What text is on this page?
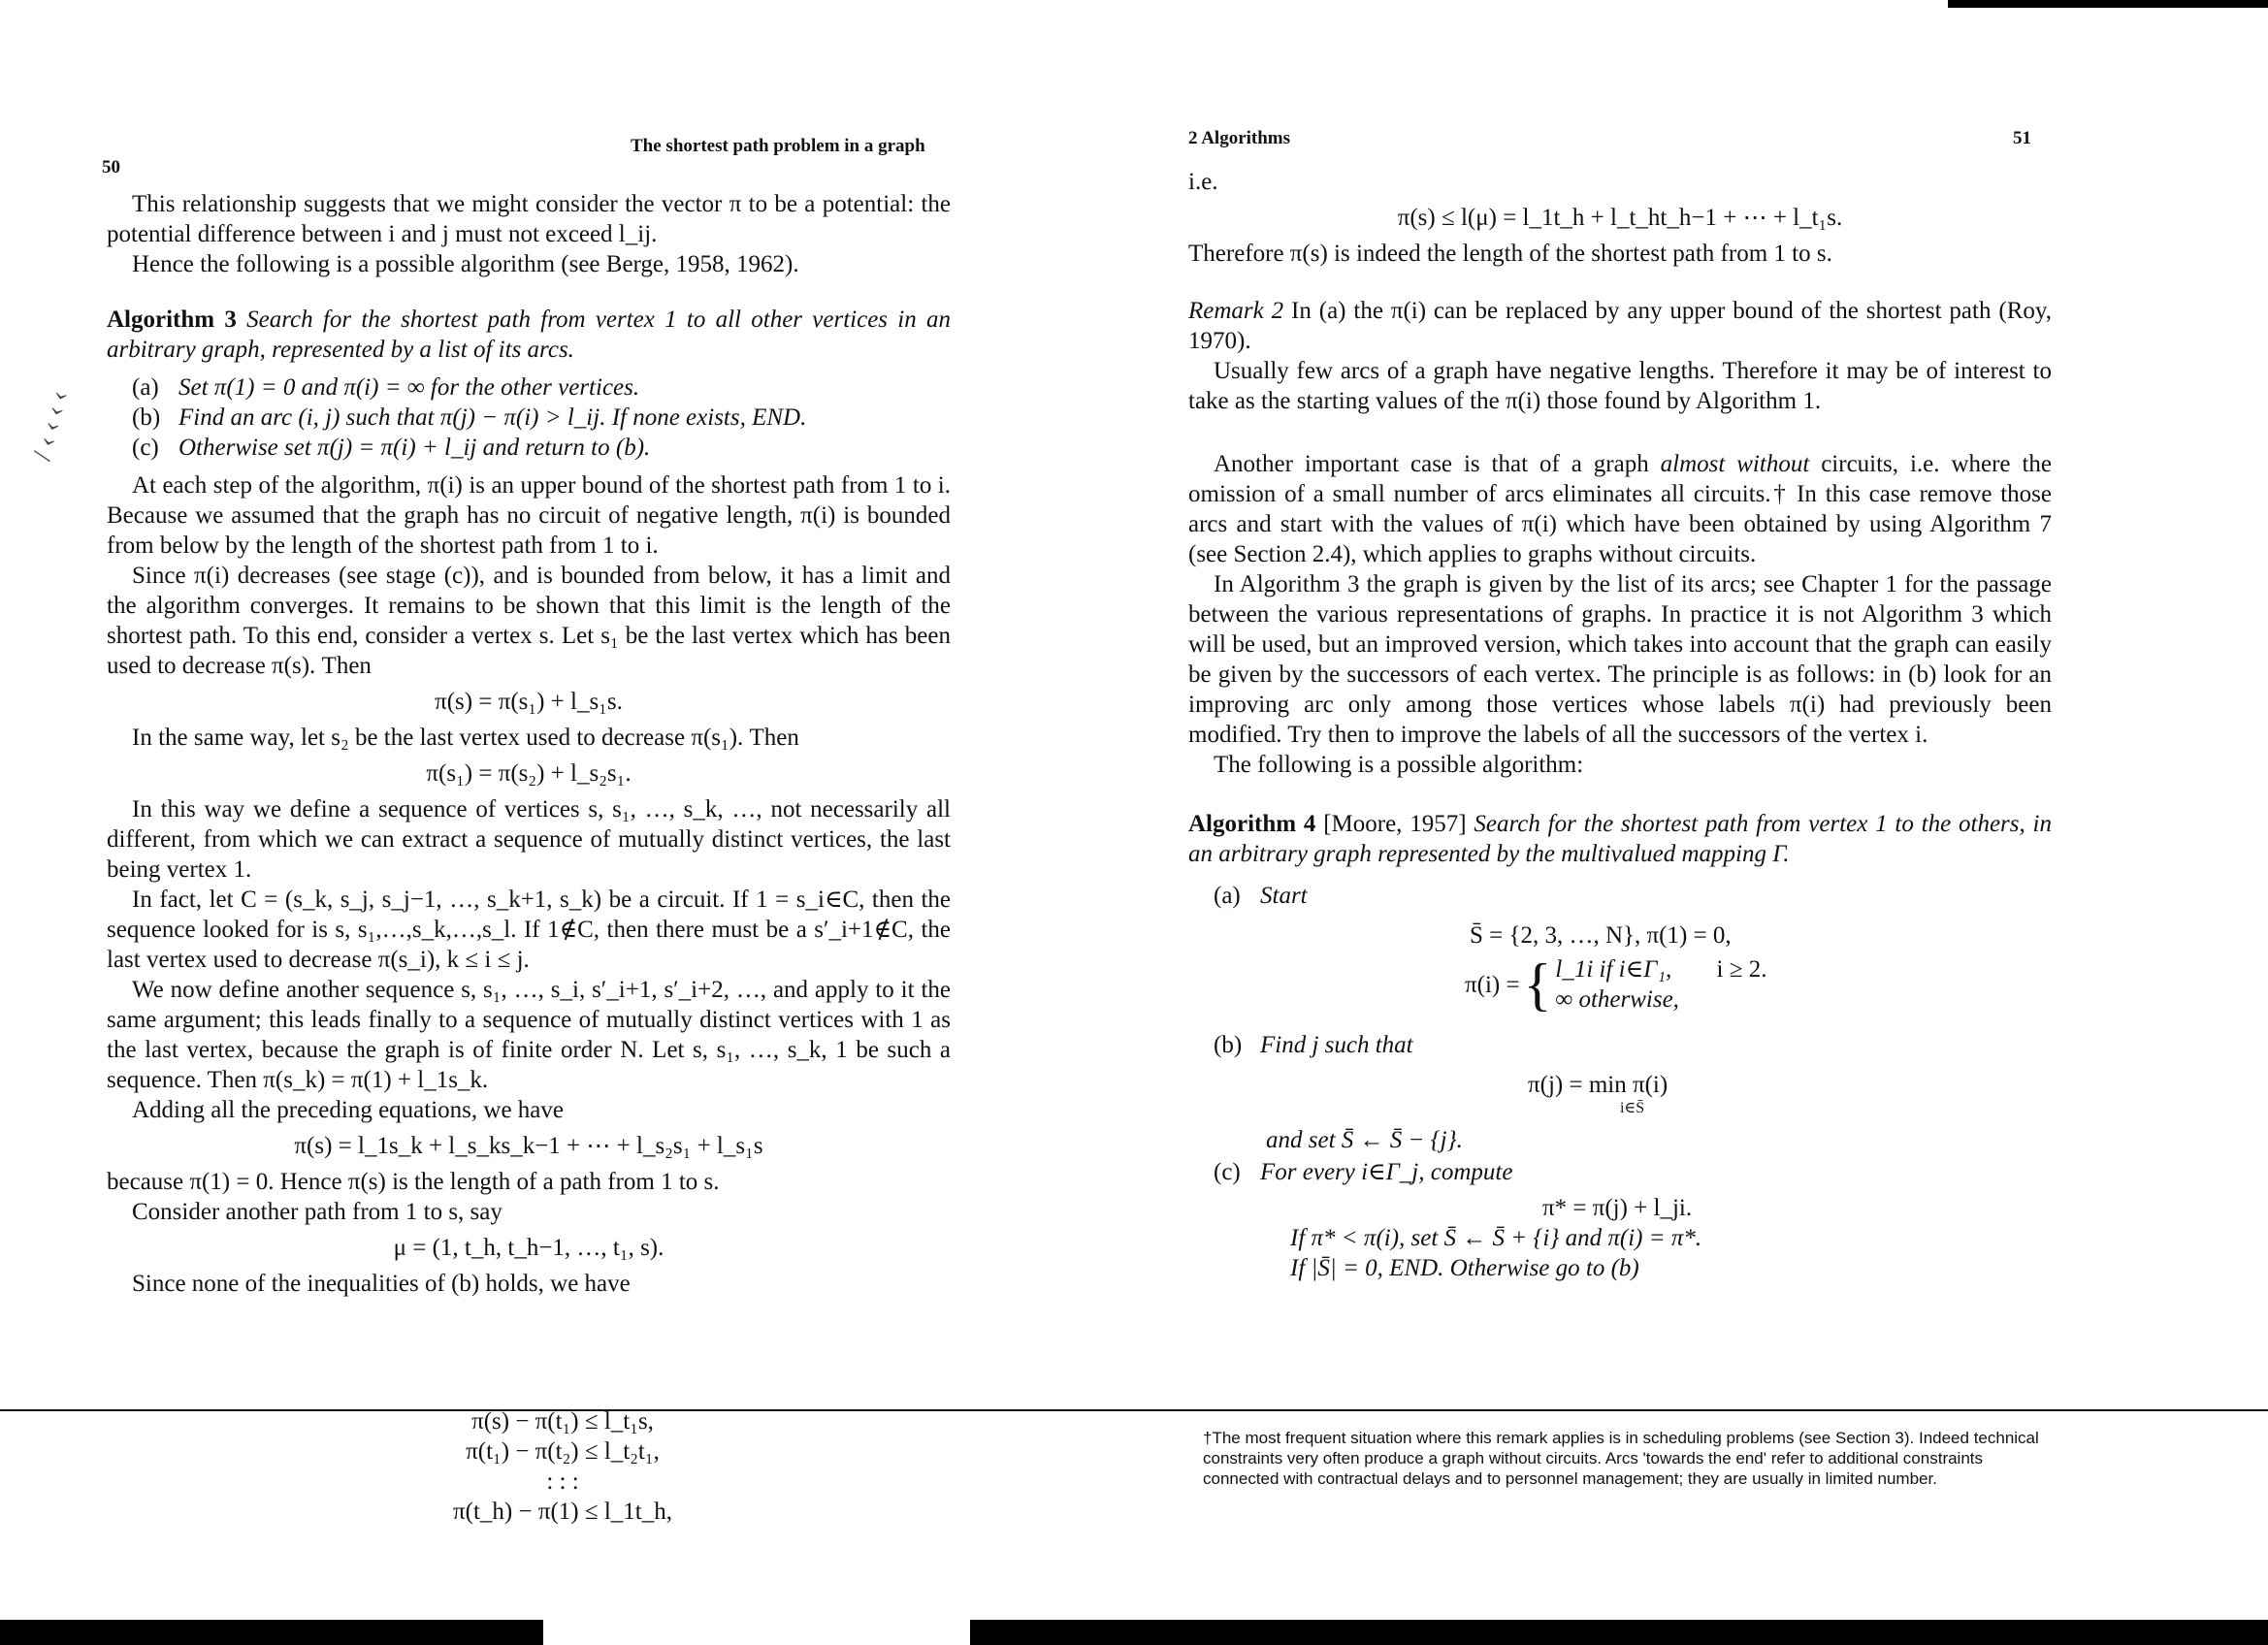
50
The shortest path problem in a graph
/ ‹ ‹ ‹ ‹

This relationship suggests that we might consider the vector π to be a potential: the potential difference between i and j must not exceed l_ij.

Hence the following is a possible algorithm (see Berge, 1958, 1962).

Algorithm 3 Search for the shortest path from vertex 1 to all other vertices in an arbitrary graph, represented by a list of its arcs.

(a) Set π(1) = 0 and π(i) = ∞ for the other vertices.
(b) Find an arc (i, j) such that π(j) − π(i) > l_ij. If none exists, END.
(c) Otherwise set π(j) = π(i) + l_ij and return to (b).

At each step of the algorithm, π(i) is an upper bound of the shortest path from 1 to i. Because we assumed that the graph has no circuit of negative length, π(i) is bounded from below by the length of the shortest path from 1 to i.

Since π(i) decreases (see stage (c)), and is bounded from below, it has a limit and the algorithm converges. It remains to be shown that this limit is the length of the shortest path. To this end, consider a vertex s. Let s₁ be the last vertex which has been used to decrease π(s). Then

π(s) = π(s₁) + l_s₁s.

In the same way, let s₂ be the last vertex used to decrease π(s₁). Then

π(s₁) = π(s₂) + l_s₂s₁.

In this way we define a sequence of vertices s, s₁, …, s_k, …, not necessarily all different, from which we can extract a sequence of mutually distinct vertices, the last being vertex 1.

In fact, let C = (s_k, s_j, s_j−1, …, s_k+1, s_k) be a circuit. If 1 = s_i∈C, then the sequence looked for is s, s₁,…,s_k,…,s_l. If 1∉C, then there must be a s′_i+1∉C, the last vertex used to decrease π(s_i), k ≤ i ≤ j.

We now define another sequence s, s₁, …, s_i, s′_i+1, s′_i+2, …, and apply to it the same argument; this leads finally to a sequence of mutually distinct vertices with 1 as the last vertex, because the graph is of finite order N. Let s, s₁, …, s_k, 1 be such a sequence. Then π(s_k) = π(1) + l_1s_k.

Adding all the preceding equations, we have

π(s) = l_1s_k + l_s_ks_k−1 + ⋯ + l_s₂s₁ + l_s₁s

because π(1) = 0. Hence π(s) is the length of a path from 1 to s.

Consider another path from 1 to s, say

μ = (1, t_h, t_h−1, …, t₁, s).

Since none of the inequalities of (b) holds, we have

π(s) − π(t₁) ≤ l_t₁s,
π(t₁) − π(t₂) ≤ l_t₂t₁,
: : :
π(t_h) − π(1) ≤ l_1t_h,
2 Algorithms	51

i.e.

π(s) ≤ l(μ) = l_1t_h + l_t_ht_h−1 + ⋯ + l_t₁s.

Therefore π(s) is indeed the length of the shortest path from 1 to s.

Remark 2 In (a) the π(i) can be replaced by any upper bound of the shortest path (Roy, 1970).

Usually few arcs of a graph have negative lengths. Therefore it may be of interest to take as the starting values of the π(i) those found by Algorithm 1.

Another important case is that of a graph almost without circuits, i.e. where the omission of a small number of arcs eliminates all circuits.† In this case remove those arcs and start with the values of π(i) which have been obtained by using Algorithm 7 (see Section 2.4), which applies to graphs without circuits.

In Algorithm 3 the graph is given by the list of its arcs; see Chapter 1 for the passage between the various representations of graphs. In practice it is not Algorithm 3 which will be used, but an improved version, which takes into account that the graph can easily be given by the successors of each vertex. The principle is as follows: in (b) look for an improving arc only among those vertices whose labels π(i) had previously been modified. Try then to improve the labels of all the successors of the vertex i.

The following is a possible algorithm:

Algorithm 4 [Moore, 1957] Search for the shortest path from vertex 1 to the others, in an arbitrary graph represented by the multivalued mapping Γ.

(a) Start
S̄ = {2, 3, …, N}, π(1) = 0,
π(i) = { l_1i if i∈Γ₁, i ≥ 2.
∞ otherwise,
(b) Find j such that
π(j) = min π(i)
i∈S̄
and set S̄ ← S̄ − {j}.
(c) For every i∈Γ_j, compute
π* = π(j) + l_ji.
If π* < π(i), set S̄ ← S̄ + {i} and π(i) = π*.
If |S̄| = 0, END. Otherwise go to (b)
†The most frequent situation where this remark applies is in scheduling problems (see Section 3). Indeed technical constraints very often produce a graph without circuits. Arcs 'towards the end' refer to additional constraints connected with contractual delays and to personnel management; they are usually in limited number.
